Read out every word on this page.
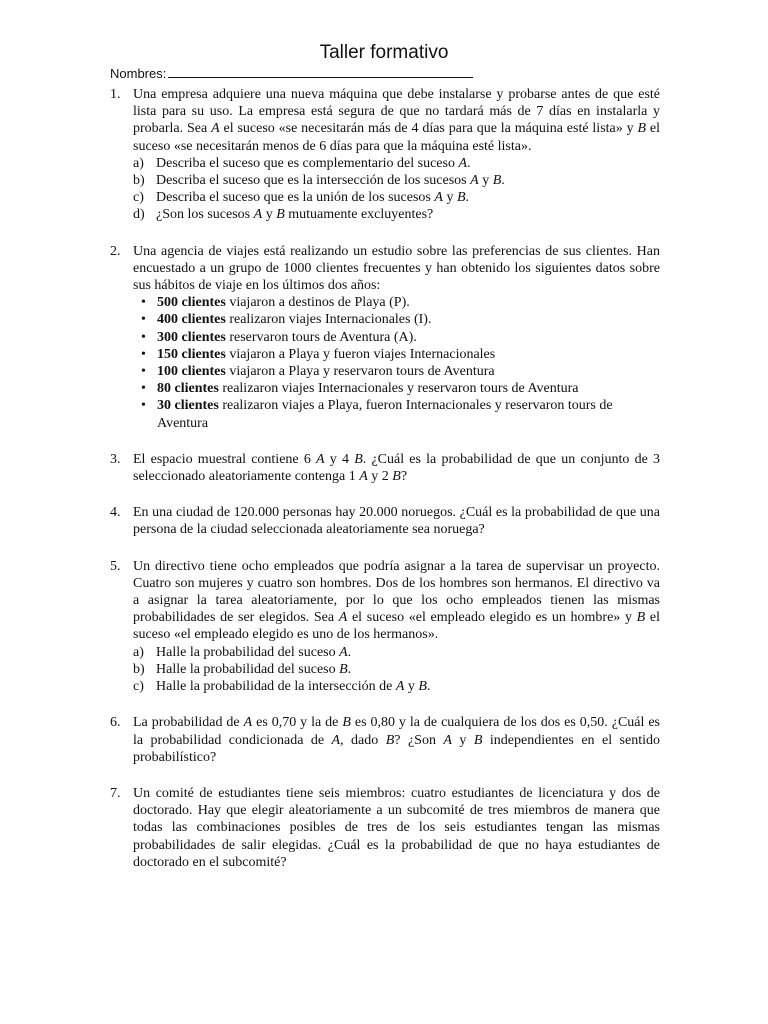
Taller formativo
Nombres:
1. Una empresa adquiere una nueva máquina que debe instalarse y probarse antes de que esté lista para su uso. La empresa está segura de que no tardará más de 7 días en instalarla y probarla. Sea A el suceso «se necesitarán más de 4 días para que la máquina esté lista» y B el suceso «se necesitarán menos de 6 días para que la máquina esté lista».
a) Describa el suceso que es complementario del suceso A.
b) Describa el suceso que es la intersección de los sucesos A y B.
c) Describa el suceso que es la unión de los sucesos A y B.
d) ¿Son los sucesos A y B mutuamente excluyentes?
2. Una agencia de viajes está realizando un estudio sobre las preferencias de sus clientes. Han encuestado a un grupo de 1000 clientes frecuentes y han obtenido los siguientes datos sobre sus hábitos de viaje en los últimos dos años:
• 500 clientes viajaron a destinos de Playa (P).
• 400 clientes realizaron viajes Internacionales (I).
• 300 clientes reservaron tours de Aventura (A).
• 150 clientes viajaron a Playa y fueron viajes Internacionales
• 100 clientes viajaron a Playa y reservaron tours de Aventura
• 80 clientes realizaron viajes Internacionales y reservaron tours de Aventura
• 30 clientes realizaron viajes a Playa, fueron Internacionales y reservaron tours de Aventura
3. El espacio muestral contiene 6 A y 4 B. ¿Cuál es la probabilidad de que un conjunto de 3 seleccionado aleatoriamente contenga 1 A y 2 B?
4. En una ciudad de 120.000 personas hay 20.000 noruegos. ¿Cuál es la probabilidad de que una persona de la ciudad seleccionada aleatoriamente sea noruega?
5. Un directivo tiene ocho empleados que podría asignar a la tarea de supervisar un proyecto. Cuatro son mujeres y cuatro son hombres. Dos de los hombres son hermanos. El directivo va a asignar la tarea aleatoriamente, por lo que los ocho empleados tienen las mismas probabilidades de ser elegidos. Sea A el suceso «el empleado elegido es un hombre» y B el suceso «el empleado elegido es uno de los hermanos».
a) Halle la probabilidad del suceso A.
b) Halle la probabilidad del suceso B.
c) Halle la probabilidad de la intersección de A y B.
6. La probabilidad de A es 0,70 y la de B es 0,80 y la de cualquiera de los dos es 0,50. ¿Cuál es la probabilidad condicionada de A, dado B? ¿Son A y B independientes en el sentido probabilístico?
7. Un comité de estudiantes tiene seis miembros: cuatro estudiantes de licenciatura y dos de doctorado. Hay que elegir aleatoriamente a un subcomité de tres miembros de manera que todas las combinaciones posibles de tres de los seis estudiantes tengan las mismas probabilidades de salir elegidas. ¿Cuál es la probabilidad de que no haya estudiantes de doctorado en el subcomité?
